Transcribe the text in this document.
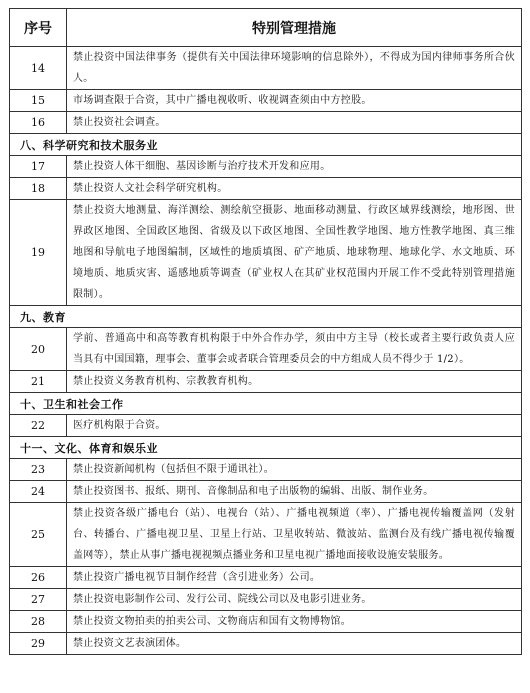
序号	特别管理措施
14	禁止投资中国法律事务（提供有关中国法律环境影响的信息除外），不得成为国内律师事务所合伙人。
15	市场调查限于合资，其中广播电视收听、收视调查须由中方控股。
16	禁止投资社会调查。
八、科学研究和技术服务业	
17	禁止投资人体干细胞、基因诊断与治疗技术开发和应用。
18	禁止投资人文社会科学研究机构。
19	禁止投资大地测量、海洋测绘、测绘航空摄影、地面移动测量、行政区域界线测绘，地形图、世界政区地图、全国政区地图、省级及以下政区地图、全国性教学地图、地方性教学地图、真三维地图和导航电子地图编制，区域性的地质填图、矿产地质、地球物理、地球化学、水文地质、环境地质、地质灾害、遥感地质等调查（矿业权人在其矿业权范围内开展工作不受此特别管理措施限制）。
九、教育	
20	学前、普通高中和高等教育机构限于中外合作办学，须由中方主导（校长或者主要行政负责人应当具有中国国籍，理事会、董事会或者联合管理委员会的中方组成人员不得少于 1/2）。
21	禁止投资义务教育机构、宗教教育机构。
十、卫生和社会工作	
22	医疗机构限于合资。
十一、文化、体育和娱乐业	
23	禁止投资新闻机构（包括但不限于通讯社）。
24	禁止投资图书、报纸、期刊、音像制品和电子出版物的编辑、出版、制作业务。
25	禁止投资各级广播电台（站）、电视台（站）、广播电视频道（率）、广播电视传输覆盖网（发射台、转播台、广播电视卫星、卫星上行站、卫星收转站、微波站、监测台及有线广播电视传输覆盖网等），禁止从事广播电视视频点播业务和卫星电视广播地面接收设施安装服务。
26	禁止投资广播电视节目制作经营（含引进业务）公司。
27	禁止投资电影制作公司、发行公司、院线公司以及电影引进业务。
28	禁止投资文物拍卖的拍卖公司、文物商店和国有文物博物馆。
29	禁止投资文艺表演团体。
